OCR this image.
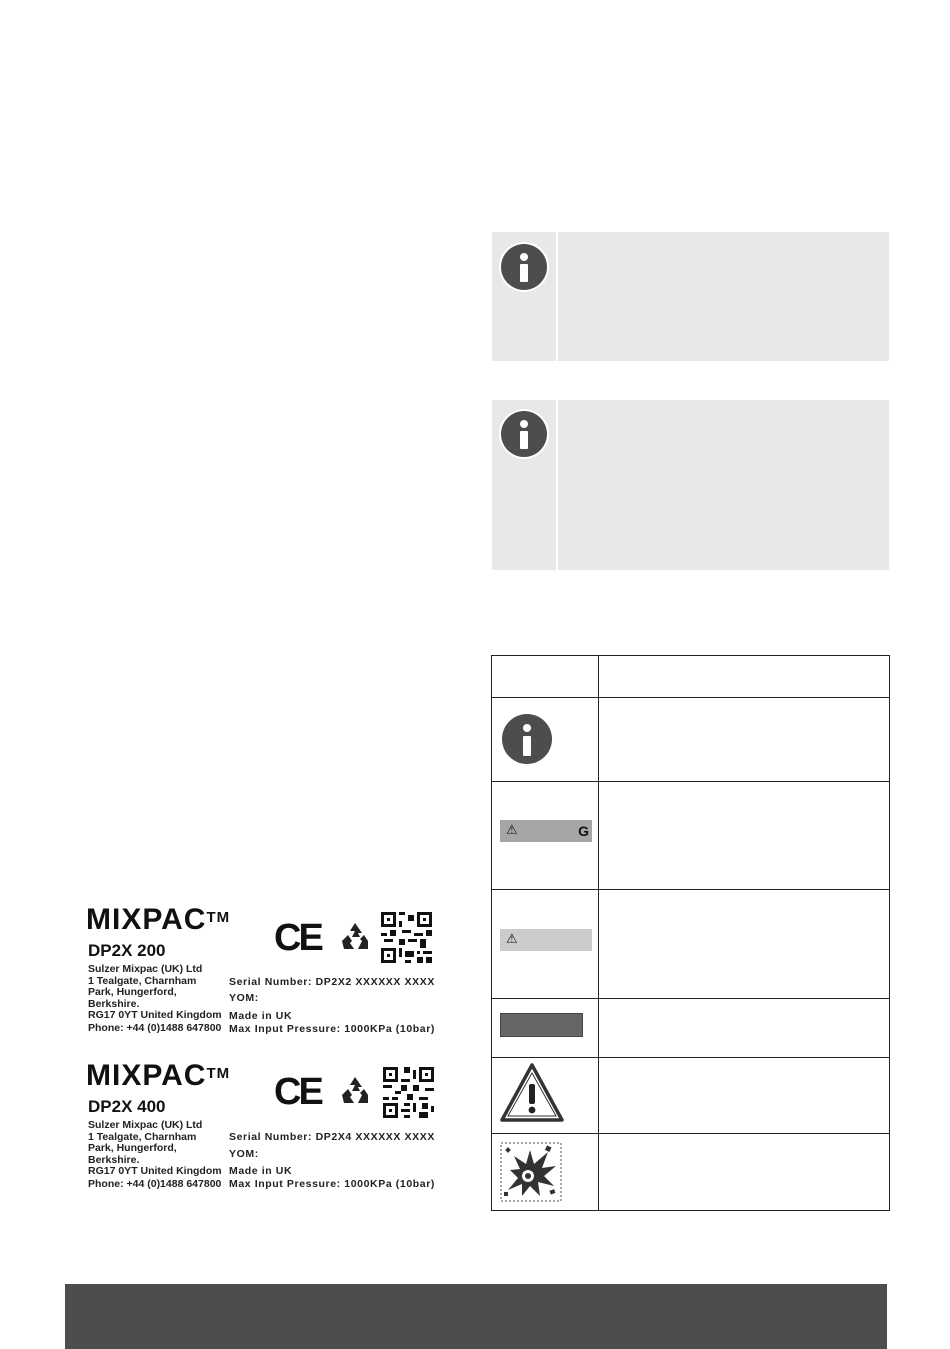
⚠	G
⚠
MIXPAC™
DP2X 200
Sulzer Mixpac (UK) Ltd
1 Tealgate, Charnham
Park, Hungerford,
Berkshire.
RG17 0YT United Kingdom
Phone: +44 (0)1488 647800
CE
Serial Number: DP2X2 XXXXXX XXXX
YOM:
Made in UK
Max Input Pressure: 1000KPa (10bar)
MIXPAC™
DP2X 400
Sulzer Mixpac (UK) Ltd
1 Tealgate, Charnham
Park, Hungerford,
Berkshire.
RG17 0YT United Kingdom
Phone: +44 (0)1488 647800
CE
Serial Number: DP2X4 XXXXXX XXXX
YOM:
Made in UK
Max Input Pressure: 1000KPa (10bar)
